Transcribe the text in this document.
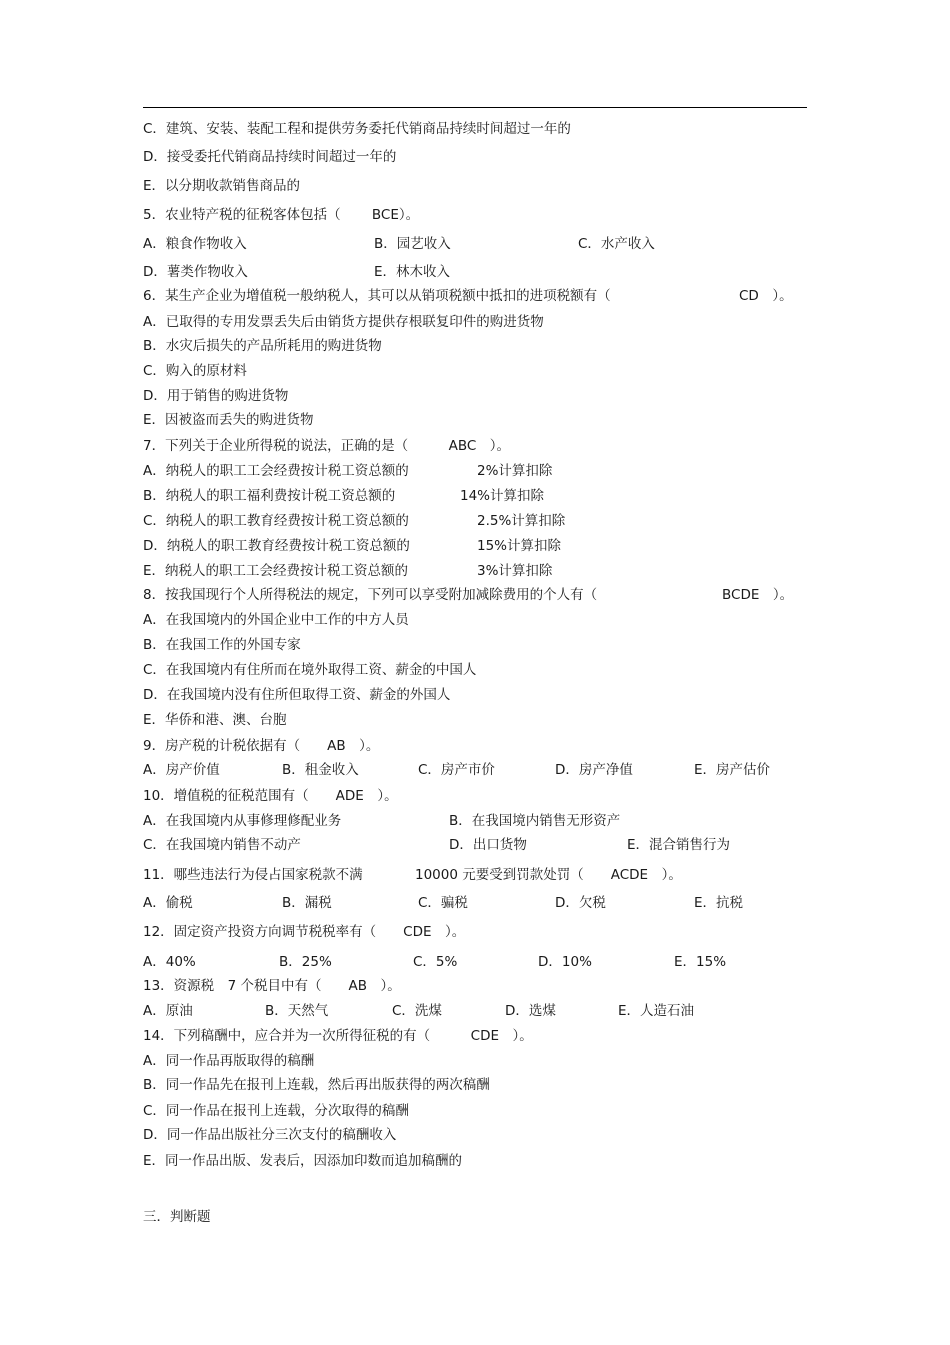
C．建筑、安装、装配工程和提供劳务委托代销商品持续时间超过一年的
D．接受委托代销商品持续时间超过一年的
E．以分期收款销售商品的
5．农业特产税的征税客体包括（ 　　BCE）。
A．粮食作物收入	B．园艺收入	C．水产收入
D．薯类作物收入	E．林木收入
6．某生产企业为增值税一般纳税人，其可以从销项税额中抵扣的进项税额有（	CD　）。
A．已取得的专用发票丢失后由销货方提供存根联复印件的购进货物
B．水灾后损失的产品所耗用的购进货物
C．购入的原材料
D．用于销售的购进货物
E．因被盗而丢失的购进货物
7．下列关于企业所得税的说法，正确的是（　　　ABC　）。
A．纳税人的职工工会经费按计税工资总额的	2%计算扣除
B．纳税人的职工福利费按计税工资总额的	14%计算扣除
C．纳税人的职工教育经费按计税工资总额的	2.5%计算扣除
D．纳税人的职工教育经费按计税工资总额的	15%计算扣除
E．纳税人的职工工会经费按计税工资总额的	3%计算扣除
8．按我国现行个人所得税法的规定，下列可以享受附加减除费用的个人有（	BCDE　）。
A．在我国境内的外国企业中工作的中方人员
B．在我国工作的外国专家
C．在我国境内有住所而在境外取得工资、薪金的中国人
D．在我国境内没有住所但取得工资、薪金的外国人
E．华侨和港、澳、台胞
9．房产税的计税依据有（　　AB　）。
A．房产价值	B．租金收入	C．房产市价	D．房产净值	E．房产估价
10．增值税的征税范围有（　　ADE　）。
A．在我国境内从事修理修配业务	B．在我国境内销售无形资产
C．在我国境内销售不动产	D．出口货物	E．混合销售行为
11．哪些违法行为侵占国家税款不满	10000 元要受到罚款处罚（　　ACDE　）。
A．偷税	B．漏税	C．骗税	D．欠税	E．抗税
12．固定资产投资方向调节税税率有（　　CDE　）。
A．40%	B．25%	C．5%	D．10%	E．15%
13．资源税　7 个税目中有（　　AB　）。
A．原油	B．天然气	C．洗煤	D．选煤	E．人造石油
14．下列稿酬中，应合并为一次所得征税的有（　　　CDE　）。
A．同一作品再版取得的稿酬
B．同一作品先在报刊上连载，然后再出版获得的两次稿酬
C．同一作品在报刊上连载，分次取得的稿酬
D．同一作品出版社分三次支付的稿酬收入
E．同一作品出版、发表后，因添加印数而追加稿酬的
三．判断题
